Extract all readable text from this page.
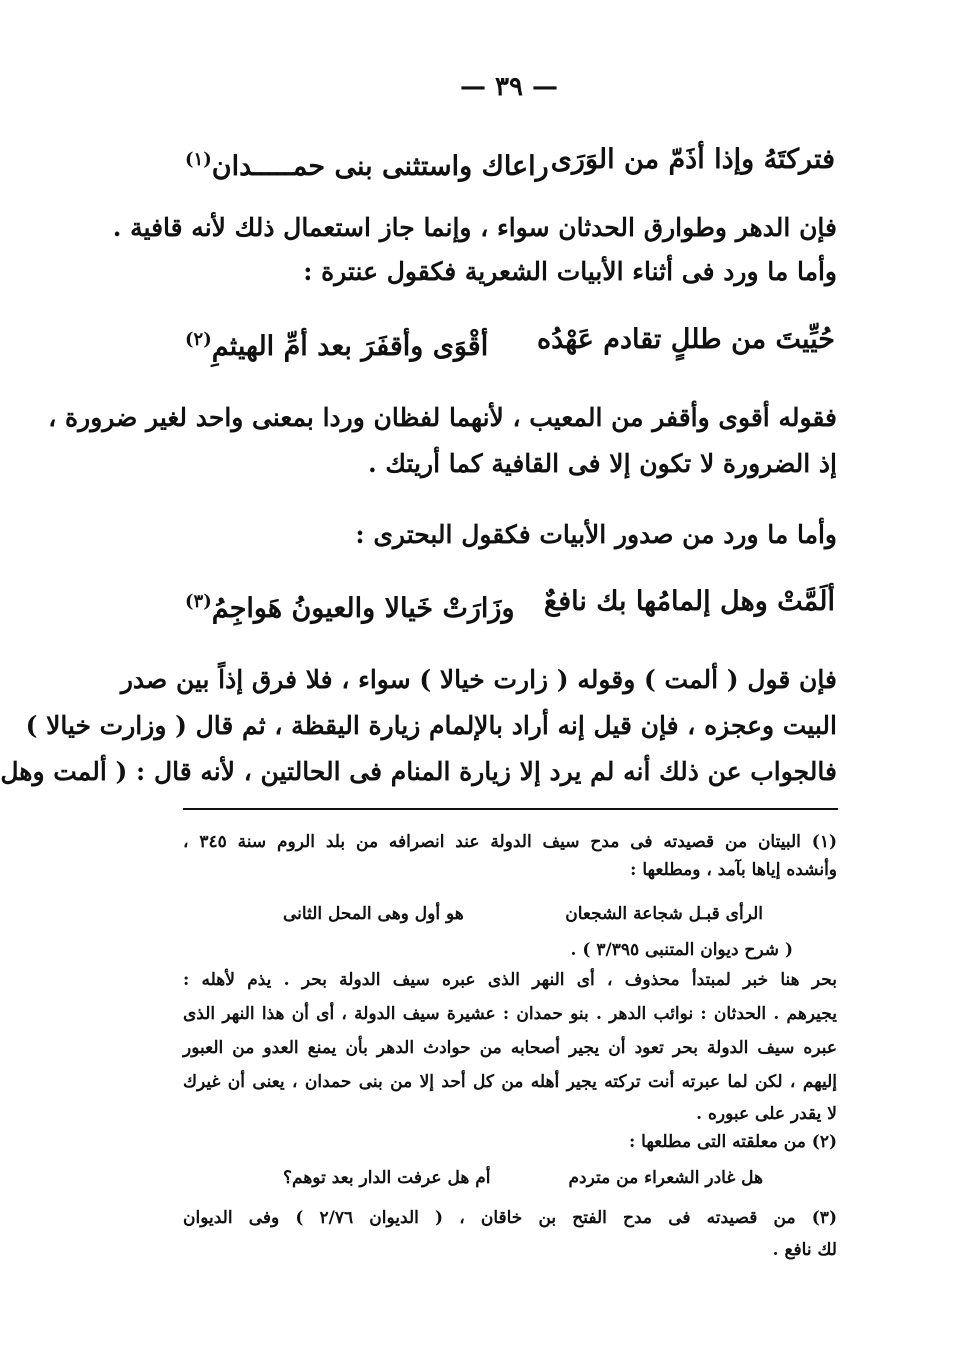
— ٣٩ —
فتركتَهُ وإذا أذَمّ من الوَرَى
راعاك واستثنى بنى حمـــــدان$^{(١)}$
فإن الدهر وطوارق الحدثان سواء ، وإنما جاز استعمال ذلك لأنه قافية .
وأما ما ورد فى أثناء الأبيات الشعرية فكقول عنترة :
حُيِّيتَ من طللٍ تقادم عَهْدُه
أقْوَى وأقفَرَ بعد أمِّ الهيثمِ$^{(٢)}$
فقوله أقوى وأقفر من المعيب ، لأنهما لفظان وردا بمعنى واحد لغير ضرورة ،
إذ الضرورة لا تكون إلا فى القافية كما أريتك .
وأما ما ورد من صدور الأبيات فكقول البحترى :
ألَمَّتْ وهل إلمامُها بك نافعٌ
وزَارَتْ خَيالا والعيونُ هَواجِمُ$^{(٣)}$
فإن قول ( ألمت ) وقوله ( زارت خيالا ) سواء ، فلا فرق إذاً بين صدر
البيت وعجزه ، فإن قيل إنه أراد بالإلمام زيارة اليقظة ، ثم قال ( وزارت خيالا )
فالجواب عن ذلك أنه لم يرد إلا زيارة المنام فى الحالتين ، لأنه قال : ( ألمت وهل
(١) البيتان من قصيدته فى مدح سيف الدولة عند انصرافه من بلد الروم سنة ٣٤٥ ،
وأنشده إياها بآمد ، ومطلعها :
الرأى قبـل شجاعة الشجعان
هو أول وهى المحل الثانى
( شرح ديوان المتنبى ٣/٣٩٥ ) .
بحر هنا خبر لمبتدأ محذوف ، أى النهر الذى عبره سيف الدولة بحر . يذم لأهله :
يجيرهم . الحدثان : نوائب الدهر . بنو حمدان : عشيرة سيف الدولة ، أى أن هذا النهر الذى
عبره سيف الدولة بحر تعود أن يجير أصحابه من حوادث الدهر بأن يمنع العدو من العبور
إليهم ، لكن لما عبرته أنت تركته يجير أهله من كل أحد إلا من بنى حمدان ، يعنى أن غيرك
لا يقدر على عبوره .
(٢) من معلقته التى مطلعها :
هل غادر الشعراء من متردم
أم هل عرفت الدار بعد توهم؟
(٣) من قصيدته فى مدح الفتح بن خاقان ، ( الديوان ٢/٧٦ ) وفى الديوان
لك نافع .
